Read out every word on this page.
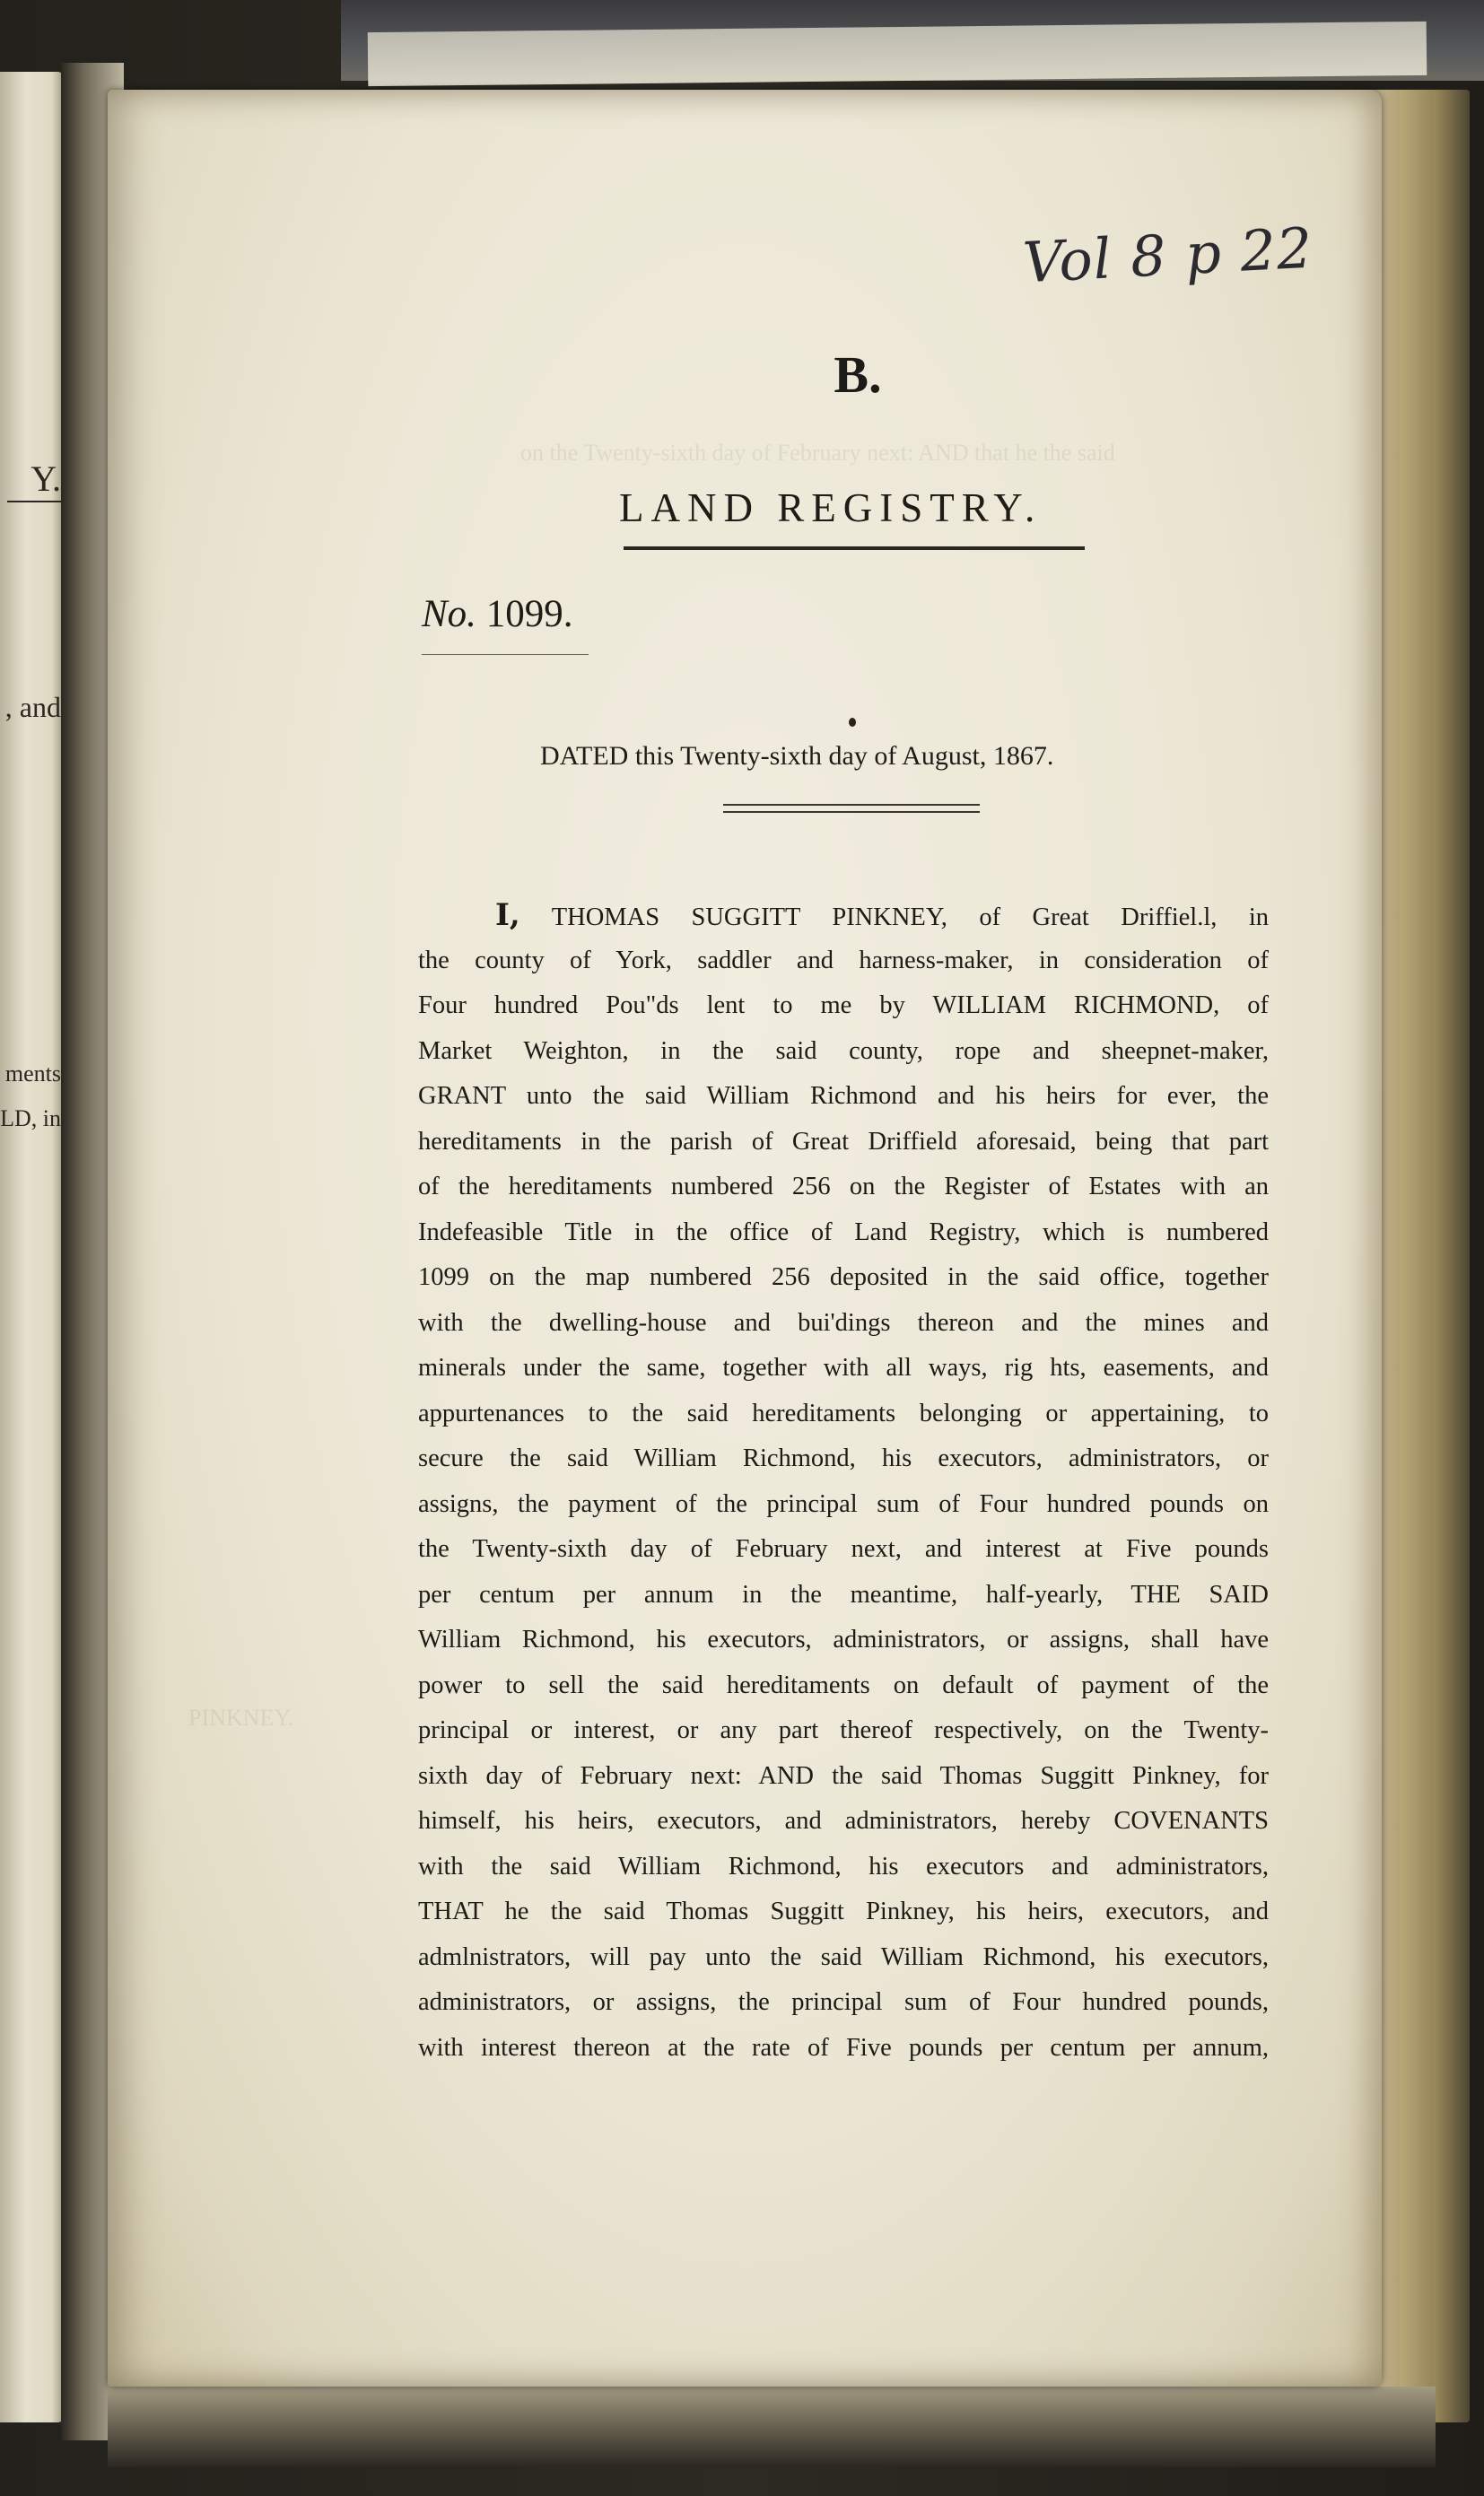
Y.
, and
ments
LD, in
on the Twenty-sixth day of February next: AND that he the said
PINKNEY.
Vol 8 p 22
B.
LAND REGISTRY.
No. 1099.
DATED this Twenty-sixth day of August, 1867.
I, THOMAS SUGGITT PINKNEY, of Great Driffiel.l, in
the county of York, saddler and harness-maker, in consideration of
Four hundred Pou"ds lent to me by WILLIAM RICHMOND, of
Market Weighton, in the said county, rope and sheepnet-maker,
GRANT unto the said William Richmond and his heirs for ever, the
hereditaments in the parish of Great Driffield aforesaid, being that part
of the hereditaments numbered 256 on the Register of Estates with an
Indefeasible Title in the office of Land Registry, which is numbered
1099 on the map numbered 256 deposited in the said office, together
with the dwelling-house and bui'dings thereon and the mines and
minerals under the same, together with all ways, rig hts, easements, and
appurtenances to the said hereditaments belonging or appertaining, to
secure the said William Richmond, his executors, administrators, or
assigns, the payment of the principal sum of Four hundred pounds on
the Twenty-sixth day of February next, and interest at Five pounds
per centum per annum in the meantime, half-yearly, THE SAID
William Richmond, his executors, administrators, or assigns, shall have
power to sell the said hereditaments on default of payment of the
principal or interest, or any part thereof respectively, on the Twenty-
sixth day of February next: AND the said Thomas Suggitt Pinkney, for
himself, his heirs, executors, and administrators, hereby COVENANTS
with the said William Richmond, his executors and administrators,
THAT he the said Thomas Suggitt Pinkney, his heirs, executors, and
admlnistrators, will pay unto the said William Richmond, his executors,
administrators, or assigns, the principal sum of Four hundred pounds,
with interest thereon at the rate of Five pounds per centum per annum,
